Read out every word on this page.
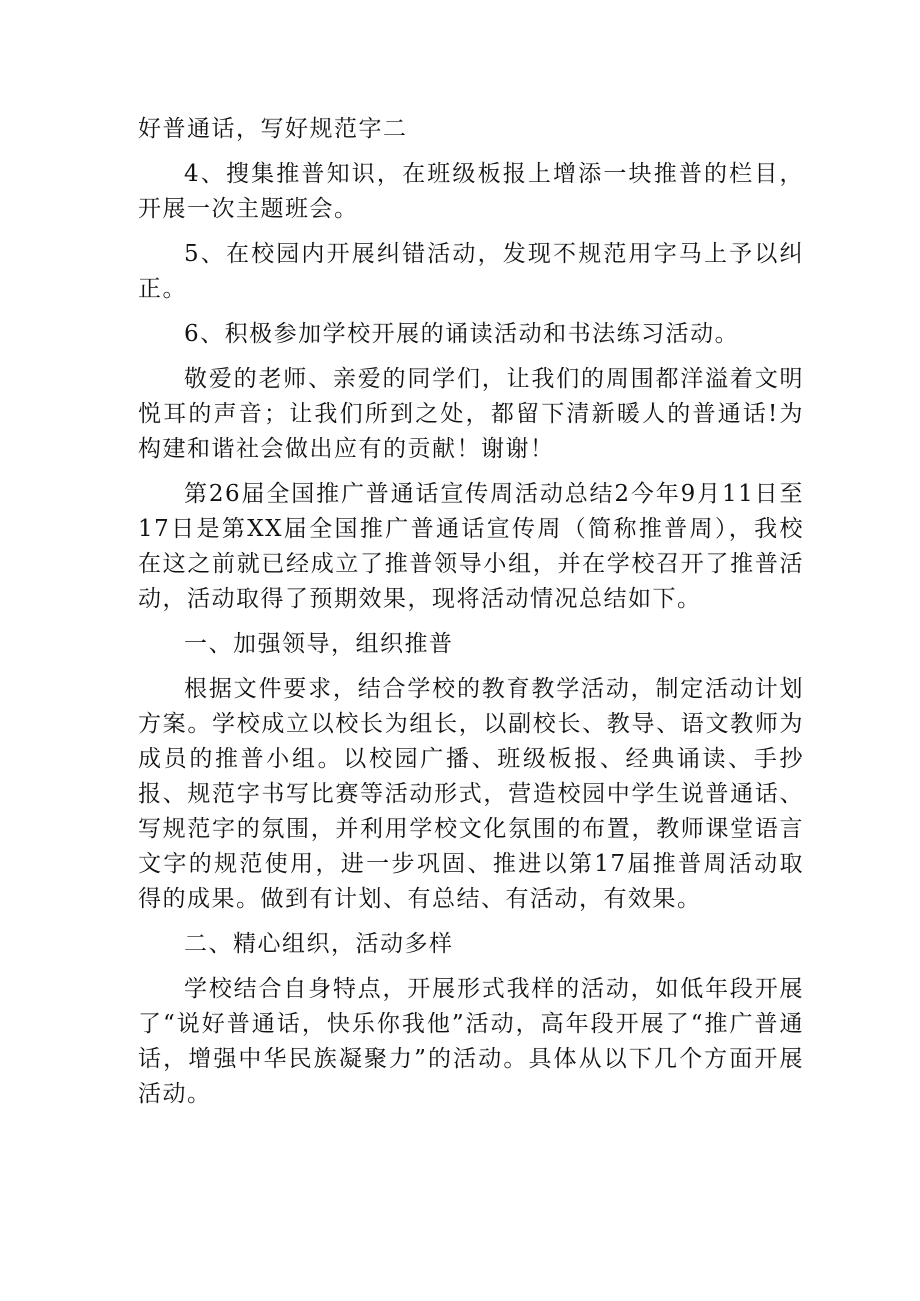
好普通话，写好规范字二

4、搜集推普知识，在班级板报上增添一块推普的栏目，开展一次主题班会。

5、在校园内开展纠错活动，发现不规范用字马上予以纠正。

6、积极参加学校开展的诵读活动和书法练习活动。

敬爱的老师、亲爱的同学们，让我们的周围都洋溢着文明悦耳的声音；让我们所到之处，都留下清新暖人的普通话!为构建和谐社会做出应有的贡献！谢谢！

第26届全国推广普通话宣传周活动总结2今年9月11日至17日是第XX届全国推广普通话宣传周（简称推普周），我校在这之前就已经成立了推普领导小组，并在学校召开了推普活动，活动取得了预期效果，现将活动情况总结如下。

一、加强领导，组织推普

根据文件要求，结合学校的教育教学活动，制定活动计划方案。学校成立以校长为组长，以副校长、教导、语文教师为成员的推普小组。以校园广播、班级板报、经典诵读、手抄报、规范字书写比赛等活动形式，营造校园中学生说普通话、写规范字的氛围，并利用学校文化氛围的布置，教师课堂语言文字的规范使用，进一步巩固、推进以第17届推普周活动取得的成果。做到有计划、有总结、有活动，有效果。

二、精心组织，活动多样

学校结合自身特点，开展形式我样的活动，如低年段开展了“说好普通话，快乐你我他”活动，高年段开展了“推广普通话，增强中华民族凝聚力”的活动。具体从以下几个方面开展活动。
